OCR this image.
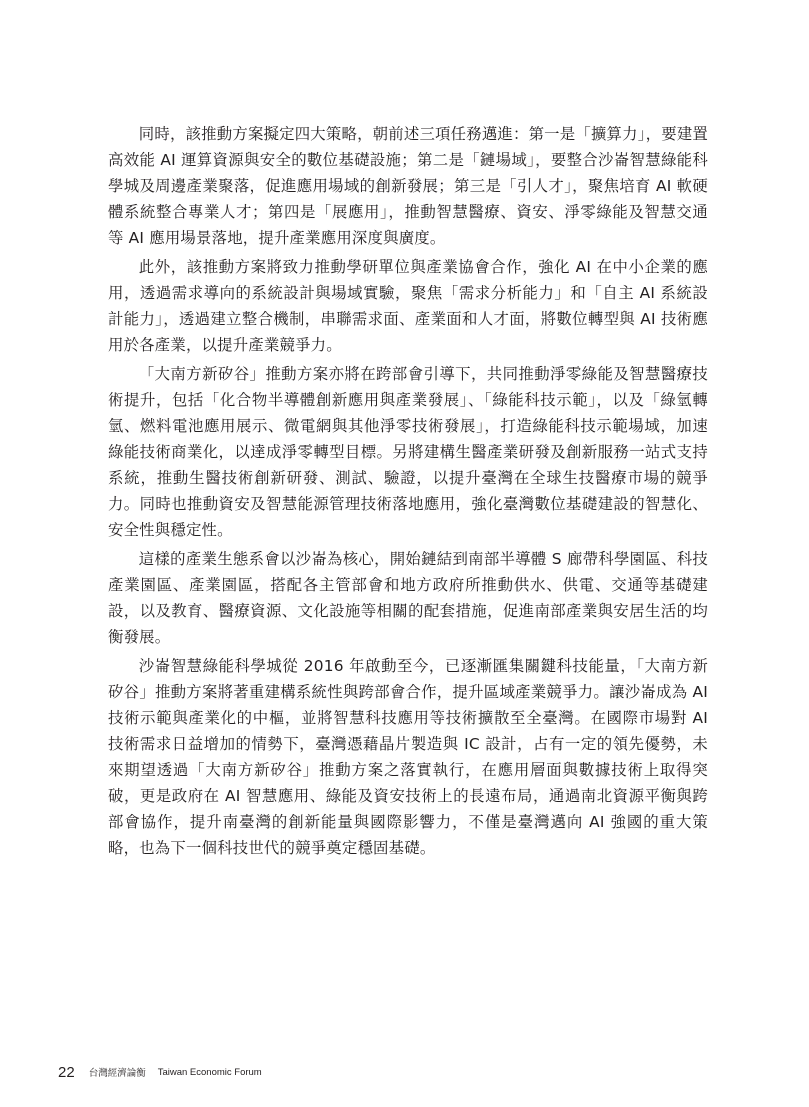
同時，該推動方案擬定四大策略，朝前述三項任務邁進：第一是「擴算力」，要建置高效能 AI 運算資源與安全的數位基礎設施；第二是「鏈場域」，要整合沙崙智慧綠能科學城及周邊產業聚落，促進應用場域的創新發展；第三是「引人才」，聚焦培育 AI 軟硬體系統整合專業人才；第四是「展應用」，推動智慧醫療、資安、淨零綠能及智慧交通等 AI 應用場景落地，提升產業應用深度與廣度。

此外，該推動方案將致力推動學研單位與產業協會合作，強化 AI 在中小企業的應用，透過需求導向的系統設計與場域實驗，聚焦「需求分析能力」和「自主 AI 系統設計能力」，透過建立整合機制，串聯需求面、產業面和人才面，將數位轉型與 AI 技術應用於各產業，以提升產業競爭力。

「大南方新矽谷」推動方案亦將在跨部會引導下，共同推動淨零綠能及智慧醫療技術提升，包括「化合物半導體創新應用與產業發展」、「綠能科技示範」，以及「綠氫轉氫、燃料電池應用展示、微電網與其他淨零技術發展」，打造綠能科技示範場域，加速綠能技術商業化，以達成淨零轉型目標。另將建構生醫產業研發及創新服務一站式支持系統，推動生醫技術創新研發、測試、驗證，以提升臺灣在全球生技醫療市場的競爭力。同時也推動資安及智慧能源管理技術落地應用，強化臺灣數位基礎建設的智慧化、安全性與穩定性。

這樣的產業生態系會以沙崙為核心，開始鏈結到南部半導體 S 廊帶科學園區、科技產業園區、產業園區，搭配各主管部會和地方政府所推動供水、供電、交通等基礎建設，以及教育、醫療資源、文化設施等相關的配套措施，促進南部產業與安居生活的均衡發展。

沙崙智慧綠能科學城從 2016 年啟動至今，已逐漸匯集關鍵科技能量，「大南方新矽谷」推動方案將著重建構系統性與跨部會合作，提升區域產業競爭力。讓沙崙成為 AI 技術示範與產業化的中樞，並將智慧科技應用等技術擴散至全臺灣。在國際市場對 AI 技術需求日益增加的情勢下，臺灣憑藉晶片製造與 IC 設計，占有一定的領先優勢，未來期望透過「大南方新矽谷」推動方案之落實執行，在應用層面與數據技術上取得突破，更是政府在 AI 智慧應用、綠能及資安技術上的長遠布局，通過南北資源平衡與跨部會協作，提升南臺灣的創新能量與國際影響力，不僅是臺灣邁向 AI 強國的重大策略，也為下一個科技世代的競爭奠定穩固基礎。

22 台灣經濟論衡 Taiwan Economic Forum
